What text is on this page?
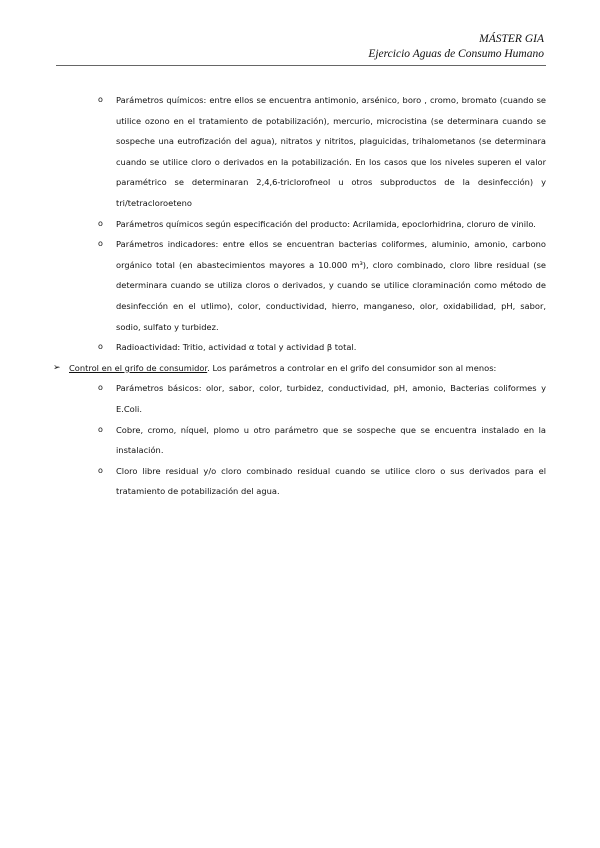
MÁSTER GIA
Ejercicio Aguas de Consumo Humano
o Parámetros químicos: entre ellos se encuentra antimonio, arsénico, boro , cromo, bromato (cuando se utilice ozono en el tratamiento de potabilización), mercurio, microcistina (se determinara cuando se sospeche una eutrofización del agua), nitratos y nitritos, plaguicidas, trihalometanos (se determinara cuando se utilice cloro o derivados en la potabilización. En los casos que los niveles superen el valor paramétrico se determinaran 2,4,6-triclorofneol u otros subproductos de la desinfección) y tri/tetracloroeteno
o Parámetros químicos según especificación del producto: Acrilamida, epoclorhidrina, cloruro de vinilo.
o Parámetros indicadores: entre ellos se encuentran bacterias coliformes, aluminio, amonio, carbono orgánico total (en abastecimientos mayores a 10.000 m³), cloro combinado, cloro libre residual (se determinara cuando se utiliza cloros o derivados, y cuando se utilice cloraminación como método de desinfección en el utlimo), color, conductividad, hierro, manganeso, olor, oxidabilidad, pH, sabor, sodio, sulfato y turbidez.
o Radioactividad: Tritio, actividad α total y actividad β total.
➢ Control en el grifo de consumidor. Los parámetros a controlar en el grifo del consumidor son al menos:
o Parámetros básicos: olor, sabor, color, turbidez, conductividad, pH, amonio, Bacterias coliformes y E.Coli.
o Cobre, cromo, níquel, plomo u otro parámetro que se sospeche que se encuentra instalado en la instalación.
o Cloro libre residual y/o cloro combinado residual cuando se utilice cloro o sus derivados para el tratamiento de potabilización del agua.
